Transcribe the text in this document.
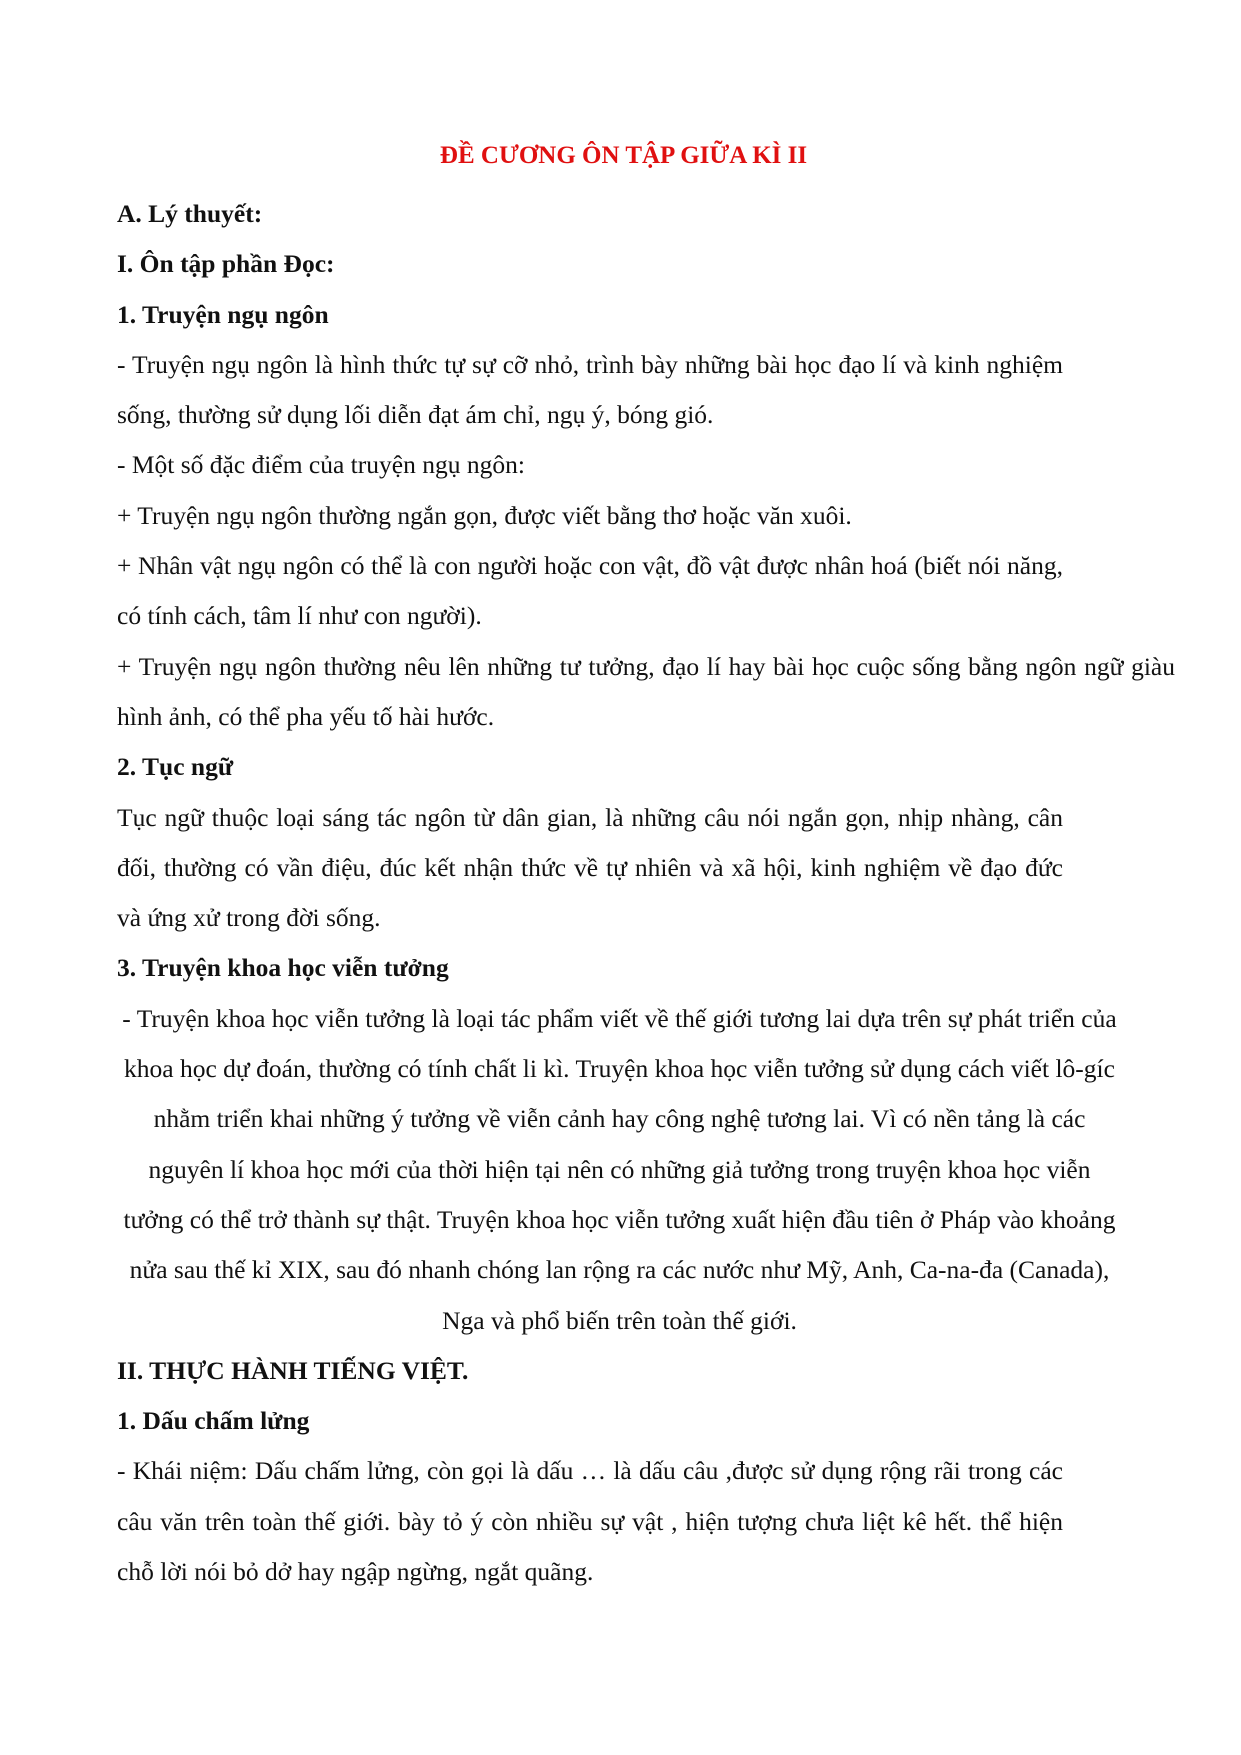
ĐỀ CƯƠNG ÔN TẬP GIỮA KÌ II

A. Lý thuyết:

I. Ôn tập phần Đọc:

1. Truyện ngụ ngôn

- Truyện ngụ ngôn là hình thức tự sự cỡ nhỏ, trình bày những bài học đạo lí và kinh nghiệm sống, thường sử dụng lối diễn đạt ám chỉ, ngụ ý, bóng gió.

- Một số đặc điểm của truyện ngụ ngôn:

+ Truyện ngụ ngôn thường ngắn gọn, được viết bằng thơ hoặc văn xuôi.

+ Nhân vật ngụ ngôn có thể là con người hoặc con vật, đồ vật được nhân hoá (biết nói năng, có tính cách, tâm lí như con người).

+ Truyện ngụ ngôn thường nêu lên những tư tưởng, đạo lí hay bài học cuộc sống bằng ngôn ngữ giàu hình ảnh, có thể pha yếu tố hài hước.

2. Tục ngữ

Tục ngữ thuộc loại sáng tác ngôn từ dân gian, là những câu nói ngắn gọn, nhịp nhàng, cân đối, thường có vần điệu, đúc kết nhận thức về tự nhiên và xã hội, kinh nghiệm về đạo đức và ứng xử trong đời sống.

3. Truyện khoa học viễn tưởng

- Truyện khoa học viễn tưởng là loại tác phẩm viết về thế giới tương lai dựa trên sự phát triển của khoa học dự đoán, thường có tính chất li kì. Truyện khoa học viễn tưởng sử dụng cách viết lô-gíc nhằm triển khai những ý tưởng về viễn cảnh hay công nghệ tương lai. Vì có nền tảng là các nguyên lí khoa học mới của thời hiện tại nên có những giả tưởng trong truyện khoa học viễn tưởng có thể trở thành sự thật. Truyện khoa học viễn tưởng xuất hiện đầu tiên ở Pháp vào khoảng nửa sau thế kỉ XIX, sau đó nhanh chóng lan rộng ra các nước như Mỹ, Anh, Ca-na-đa (Canada), Nga và phổ biến trên toàn thế giới.

II. THỰC HÀNH TIẾNG VIỆT.

1. Dấu chấm lửng

- Khái niệm: Dấu chấm lửng, còn gọi là dấu … là dấu câu ,được sử dụng rộng rãi trong các câu văn trên toàn thế giới. bày tỏ ý còn nhiều sự vật , hiện tượng chưa liệt kê hết. thể hiện chỗ lời nói bỏ dở hay ngập ngừng, ngắt quãng.
